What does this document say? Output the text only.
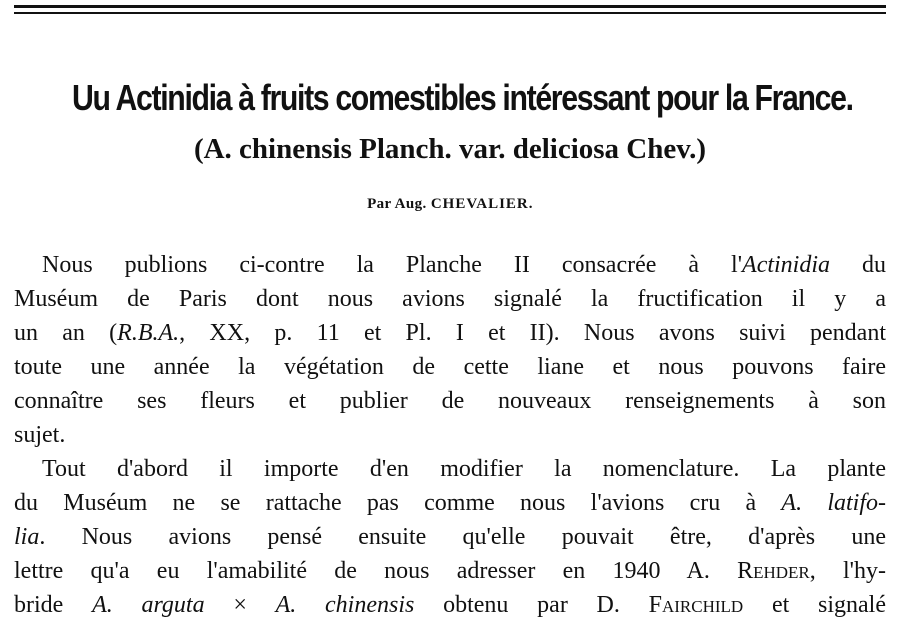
Uu Actinidia à fruits comestibles intéressant pour la France.
(A. chinensis Planch. var. deliciosa Chev.)
Par Aug. CHEVALIER.
Nous publions ci-contre la Planche II consacrée à l'Actinidia du
Muséum de Paris dont nous avions signalé la fructification il y a
un an (R.B.A., XX, p. 11 et Pl. I et II). Nous avons suivi pendant
toute une année la végétation de cette liane et nous pouvons faire
connaître ses fleurs et publier de nouveaux renseignements à son
sujet.
Tout d'abord il importe d'en modifier la nomenclature. La plante
du Muséum ne se rattache pas comme nous l'avions cru à A. latifo-
lia. Nous avions pensé ensuite qu'elle pouvait être, d'après une
lettre qu'a eu l'amabilité de nous adresser en 1940 A. Rehder, l'hy-
bride A. arguta × A. chinensis obtenu par D. Fairchild et signalé
